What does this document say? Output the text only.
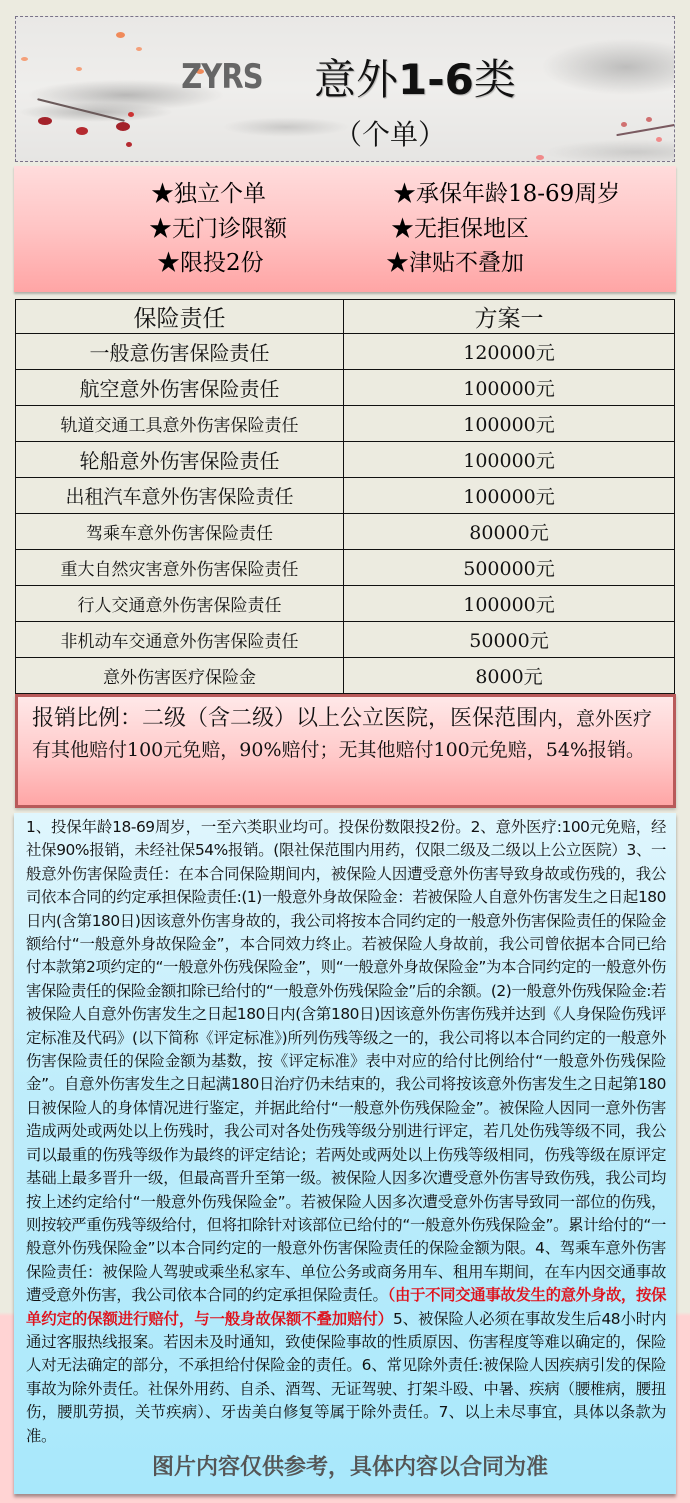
ZYRS 意外1-6类
（个单）
★独立个单	★承保年龄18-69周岁
★无门诊限额	★无拒保地区
★限投2份	★津贴不叠加
保险责任	方案一
一般意伤害保险责任	120000元
航空意外伤害保险责任	100000元
轨道交通工具意外伤害保险责任	100000元
轮船意外伤害保险责任	100000元
出租汽车意外伤害保险责任	100000元
驾乘车意外伤害保险责任	80000元
重大自然灾害意外伤害保险责任	500000元
行人交通意外伤害保险责任	100000元
非机动车交通意外伤害保险责任	50000元
意外伤害医疗保险金	8000元

报销比例：二级（含二级）以上公立医院，医保范围内，意外医疗有其他赔付100元免赔，90%赔付；无其他赔付100元免赔，54%报销。

1、投保年龄18-69周岁，一至六类职业均可。投保份数限投2份。2、意外医疗:100元免赔，经社保90%报销，未经社保54%报销。(限社保范围内用药，仅限二级及二级以上公立医院）3、一般意外伤害保险责任：在本合同保险期间内，被保险人因遭受意外伤害导致身故或伤残的，我公司依本合同的约定承担保险责任:(1)一般意外身故保险金：若被保险人自意外伤害发生之日起180日内(含第180日)因该意外伤害身故的，我公司将按本合同约定的一般意外伤害保险责任的保险金额给付“一般意外身故保险金”，本合同效力终止。若被保险人身故前，我公司曾依据本合同已给付本款第2项约定的“一般意外伤残保险金”，则“一般意外身故保险金”为本合同约定的一般意外伤害保险责任的保险金额扣除已给付的“一般意外伤残保险金”后的余额。(2)一般意外伤残保险金:若被保险人自意外伤害发生之日起180日内(含第180日)因该意外伤害伤残并达到《人身保险伤残评定标准及代码》(以下简称《评定标准》)所列伤残等级之一的，我公司将以本合同约定的一般意外伤害保险责任的保险金额为基数，按《评定标准》表中对应的给付比例给付“一般意外伤残保险金”。自意外伤害发生之日起满180日治疗仍未结束的，我公司将按该意外伤害发生之日起第180日被保险人的身体情况进行鉴定，并据此给付“一般意外伤残保险金”。被保险人因同一意外伤害造成两处或两处以上伤残时，我公司对各处伤残等级分别进行评定，若几处伤残等级不同，我公司以最重的伤残等级作为最终的评定结论；若两处或两处以上伤残等级相同，伤残等级在原评定基础上最多晋升一级，但最高晋升至第一级。被保险人因多次遭受意外伤害导致伤残，我公司均按上述约定给付“一般意外伤残保险金”。若被保险人因多次遭受意外伤害导致同一部位的伤残，则按较严重伤残等级给付，但将扣除针对该部位已给付的“一般意外伤残保险金”。累计给付的“一般意外伤残保险金”以本合同约定的一般意外伤害保险责任的保险金额为限。4、驾乘车意外伤害保险责任：被保险人驾驶或乘坐私家车、单位公务或商务用车、租用车期间，在车内因交通事故遭受意外伤害，我公司依本合同的约定承担保险责任。（由于不同交通事故发生的意外身故，按保单约定的保额进行赔付，与一般身故保额不叠加赔付）5、被保险人必须在事故发生后48小时内通过客服热线报案。若因未及时通知，致使保险事故的性质原因、伤害程度等难以确定的，保险人对无法确定的部分，不承担给付保险金的责任。6、常见除外责任:被保险人因疾病引发的保险事故为除外责任。社保外用药、自杀、酒驾、无证驾驶、打架斗殴、中暑、疾病（腰椎病，腰扭伤，腰肌劳损，关节疾病）、牙齿美白修复等属于除外责任。7、以上未尽事宜，具体以条款为准。

图片内容仅供参考，具体内容以合同为准
